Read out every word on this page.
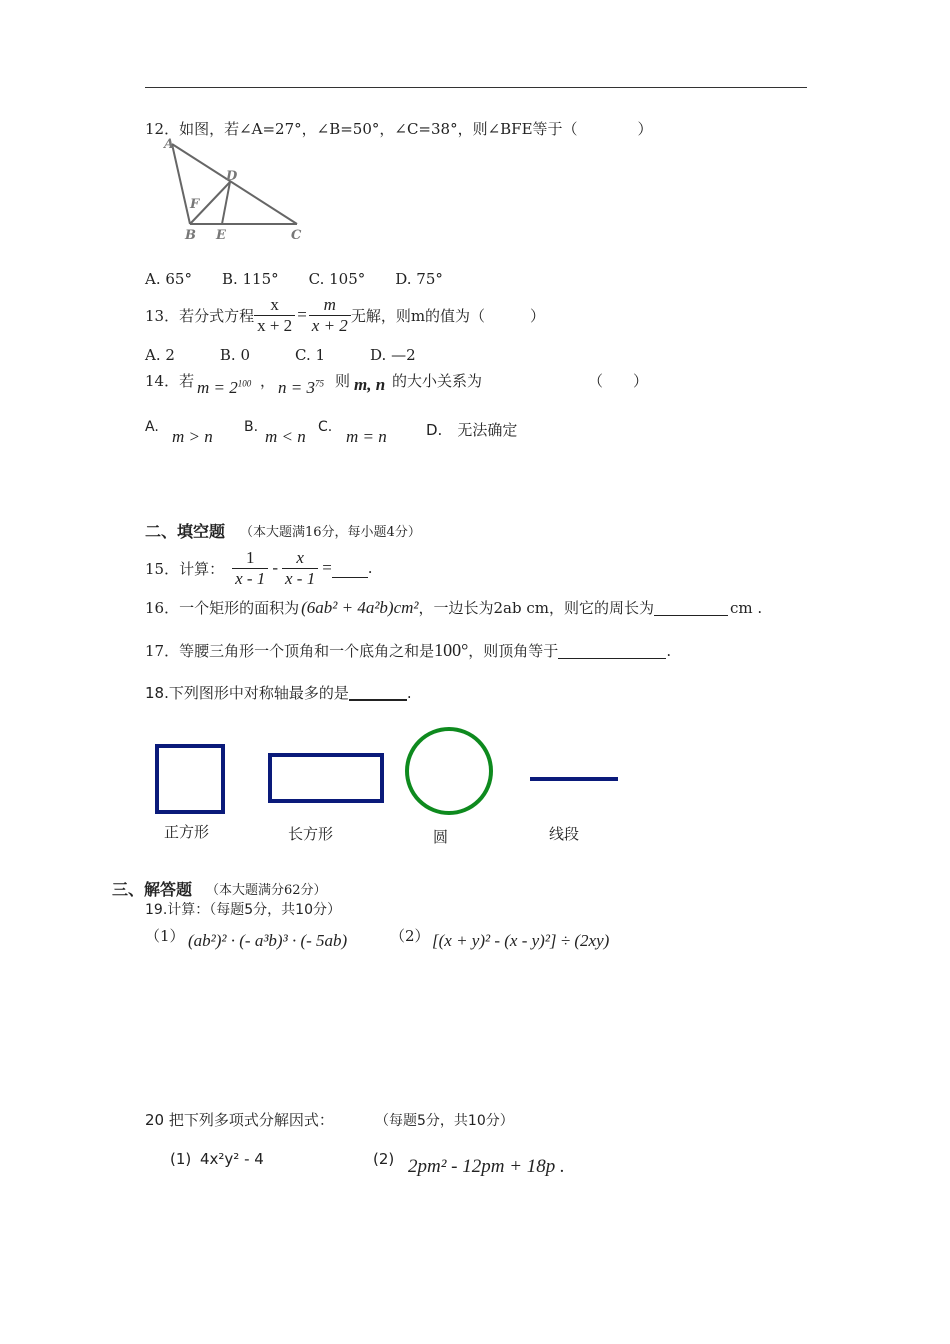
12．如图，若∠A=27°，∠B=50°，∠C=38°，则∠BFE等于（　　　　）
A
D
F
B E	C
A. 65°　　B. 115°　　C. 105°　　D. 75°
13．若分式方程 $\frac{x}{x + 2} = \frac{m}{x + 2}$ 无解，则m的值为（　　　）
A. 2　　　B. 0　　　C. 1　　　D. —2
14．若 $m = 2^{100}$ ， $n = 3^{75}$ 则 m, n 的大小关系为	（　　）
A. m > n B. m < n C. m = n	D.　无法确定
二、填空题 （本大题满16分，每小题4分）
15．计算： $\frac{1}{x - 1} - \frac{x}{x - 1}$ = .
16．一个矩形的面积为 (6ab² + 4a²b)cm² ，一边长为2ab cm，则它的周长为	cm .
17．等腰三角形一个顶角和一个底角之和是 100° ，则顶角等于	.
18.下列图形中对称轴最多的是	.
正方形	长方形	圆	线段
三、解答题 （本大题满分62分）
19.计算：（每题5分，共10分）
（1） (ab²)² · (- a³b)³ · (- 5ab)	（2） [(x + y)² - (x - y)²] ÷ (2xy)
20 把下列多项式分解因式：	（每题5分，共10分）
(1) 4x²y² - 4	(2) 2pm² - 12pm + 18p .
